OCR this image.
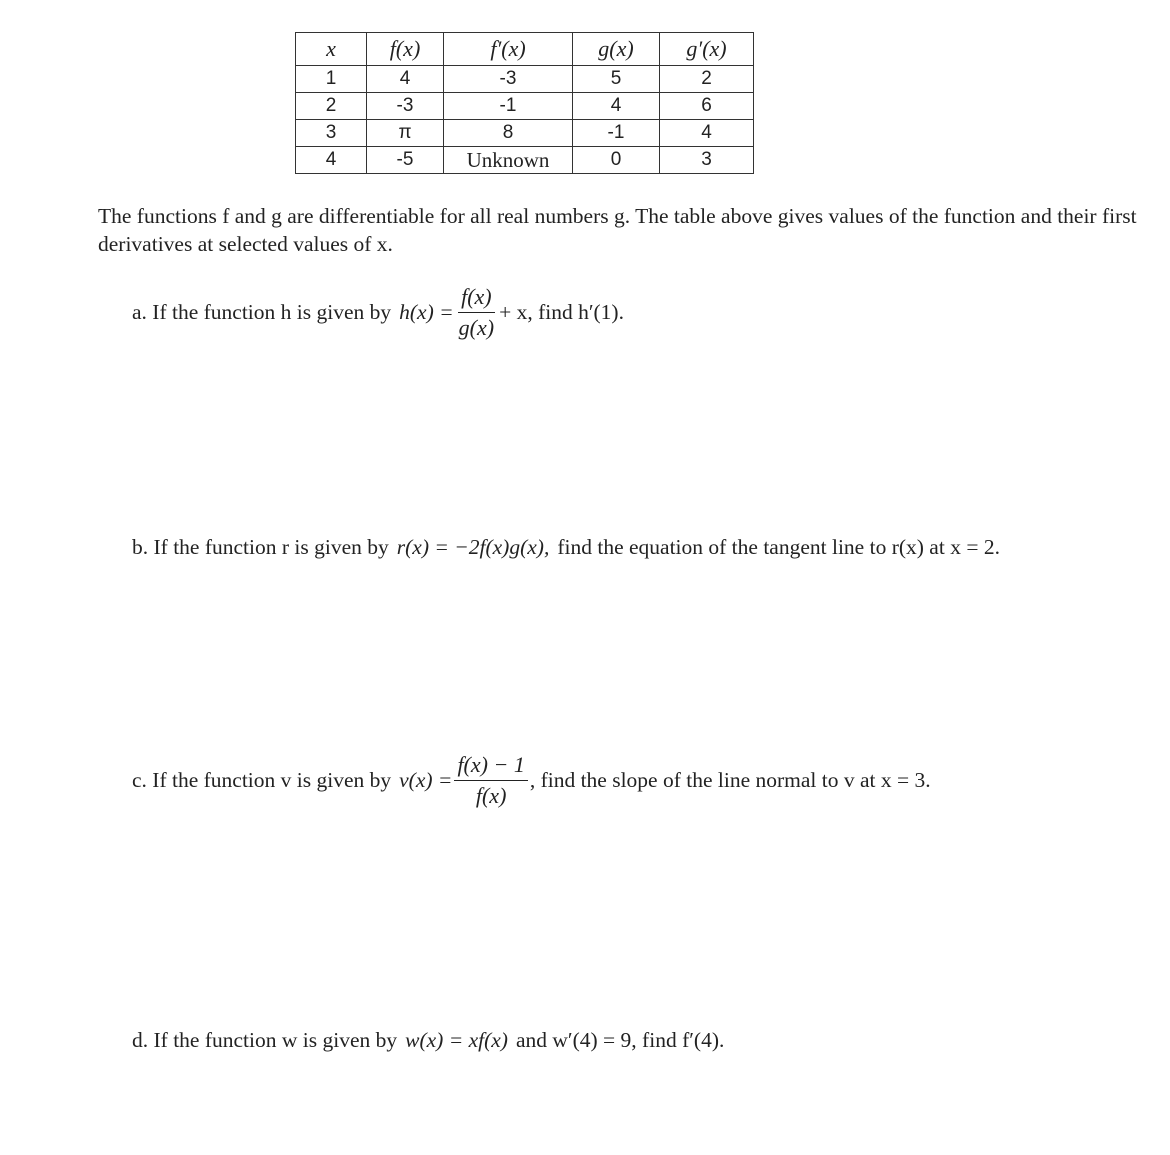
x	f(x)	f′(x)	g(x)	g′(x)
1	4	-3	5	2
2	-3	-1	4	6
3	π	8	-1	4
4	-5	Unknown	0	3
The functions f and g are differentiable for all real numbers g. The table above gives values of the function and their first derivatives at selected values of x.
a. If the function h is given by $h(x) = \frac{f(x)}{g(x)} + x$, find h′(1).
b. If the function r is given by r(x) = −2f(x)g(x), find the equation of the tangent line to r(x) at x = 2.
c. If the function v is given by $v(x) = \frac{f(x) - 1}{f(x)}$ , find the slope of the line normal to v at x = 3.
d. If the function w is given by w(x) = xf(x) and w′(4) = 9, find f′(4).
